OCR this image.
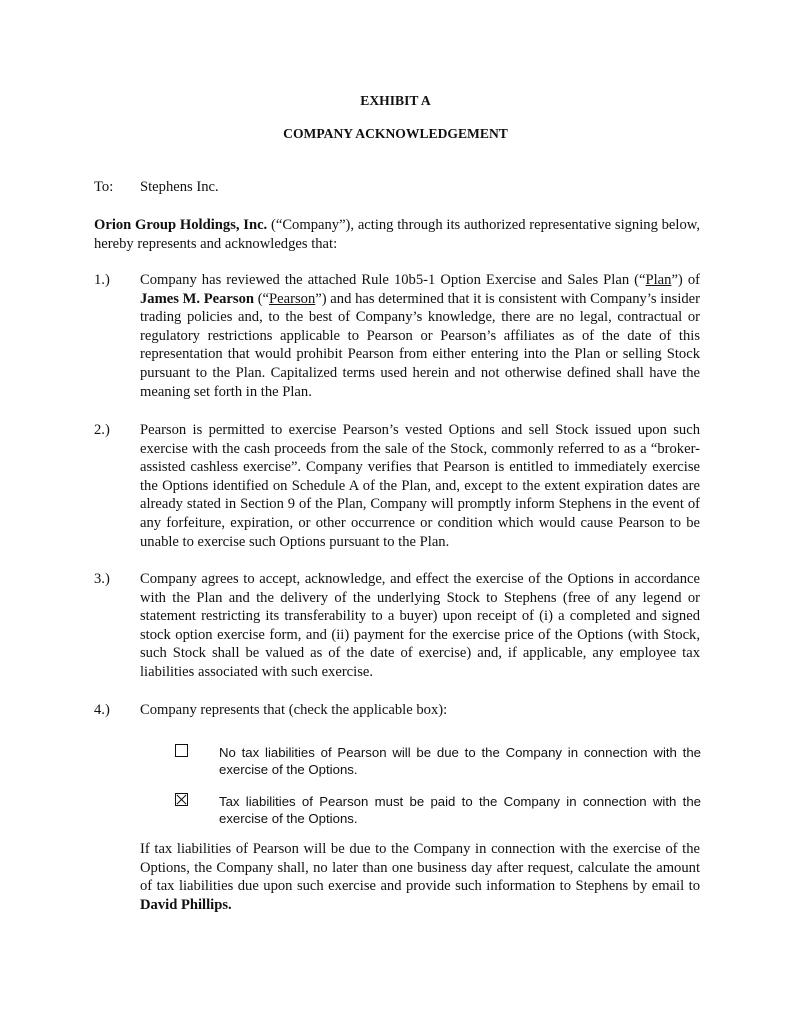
EXHIBIT A
COMPANY ACKNOWLEDGEMENT
To: Stephens Inc.
Orion Group Holdings, Inc. (“Company”), acting through its authorized representative signing below, hereby represents and acknowledges that:
1.)	Company has reviewed the attached Rule 10b5-1 Option Exercise and Sales Plan (“Plan”) of James M. Pearson (“Pearson”) and has determined that it is consistent with Company’s insider trading policies and, to the best of Company’s knowledge, there are no legal, contractual or regulatory restrictions applicable to Pearson or Pearson’s affiliates as of the date of this representation that would prohibit Pearson from either entering into the Plan or selling Stock pursuant to the Plan. Capitalized terms used herein and not otherwise defined shall have the meaning set forth in the Plan.
2.)	Pearson is permitted to exercise Pearson’s vested Options and sell Stock issued upon such exercise with the cash proceeds from the sale of the Stock, commonly referred to as a “broker-assisted cashless exercise”. Company verifies that Pearson is entitled to immediately exercise the Options identified on Schedule A of the Plan, and, except to the extent expiration dates are already stated in Section 9 of the Plan, Company will promptly inform Stephens in the event of any forfeiture, expiration, or other occurrence or condition which would cause Pearson to be unable to exercise such Options pursuant to the Plan.
3.)	Company agrees to accept, acknowledge, and effect the exercise of the Options in accordance with the Plan and the delivery of the underlying Stock to Stephens (free of any legend or statement restricting its transferability to a buyer) upon receipt of (i) a completed and signed stock option exercise form, and (ii) payment for the exercise price of the Options (with Stock, such Stock shall be valued as of the date of exercise) and, if applicable, any employee tax liabilities associated with such exercise.
4.)	Company represents that (check the applicable box):
No tax liabilities of Pearson will be due to the Company in connection with the exercise of the Options.
Tax liabilities of Pearson must be paid to the Company in connection with the exercise of the Options.
If tax liabilities of Pearson will be due to the Company in connection with the exercise of the Options, the Company shall, no later than one business day after request, calculate the amount of tax liabilities due upon such exercise and provide such information to Stephens by email to David Phillips.
